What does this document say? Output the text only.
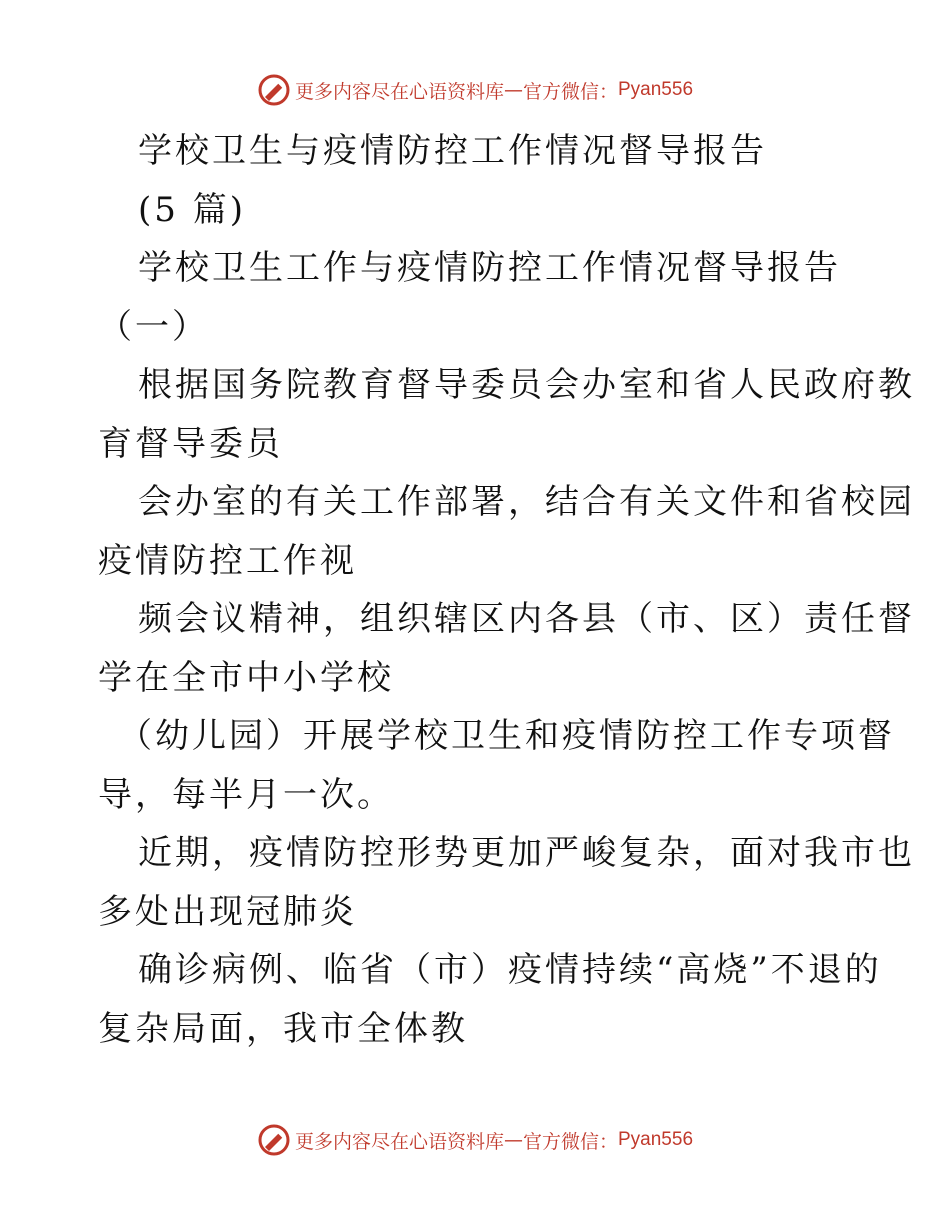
更多内容尽在心语资料库 — 官方微信： Pyan556
学校卫生与疫情防控工作情况督导报告
(5 篇)
学校卫生工作与疫情防控工作情况督导报告
（一）
根据国务院教育督导委员会办室和省人民政府教
育督导委员
会办室的有关工作部署，结合有关文件和省校园
疫情防控工作视
频会议精神，组织辖区内各县（市、区）责任督
学在全市中小学校
（幼儿园）开展学校卫生和疫情防控工作专项督
导，每半月一次。
近期，疫情防控形势更加严峻复杂，面对我市也
多处出现冠肺炎
确诊病例、临省（市）疫情持续“高烧”不退的
复杂局面，我市全体教
更多内容尽在心语资料库 — 官方微信： Pyan556
